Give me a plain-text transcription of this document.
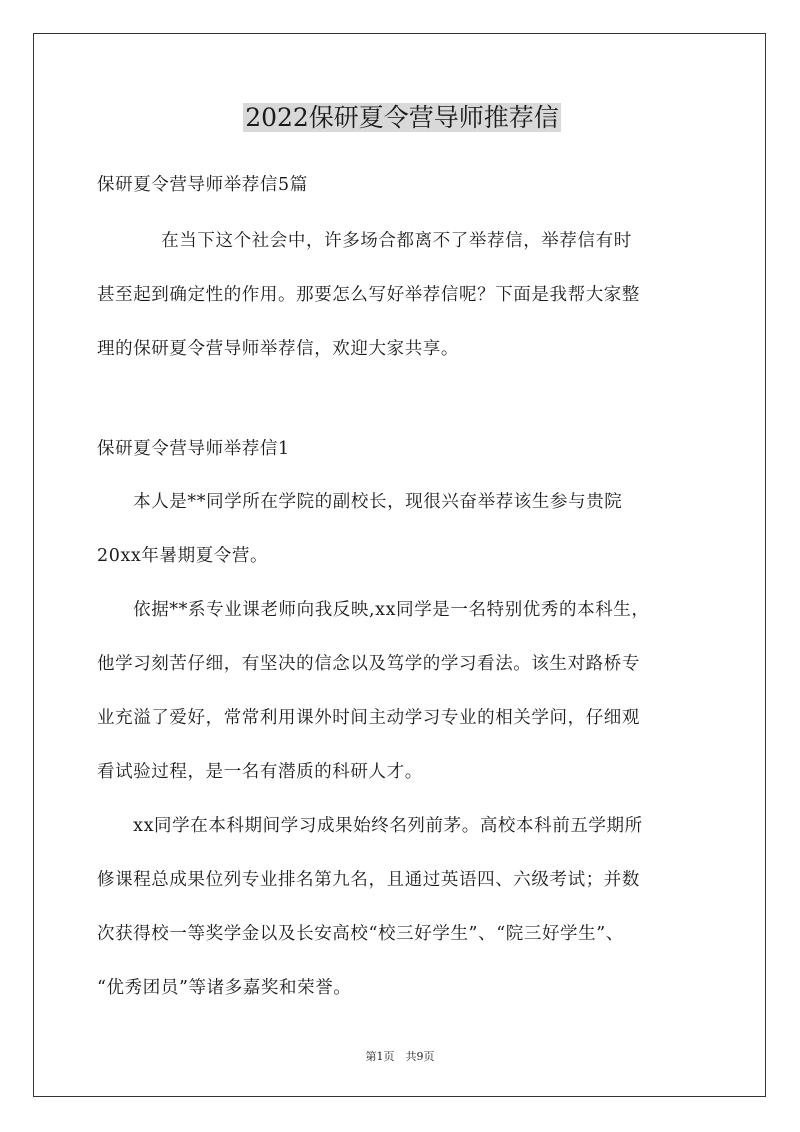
2022保研夏令营导师推荐信

保研夏令营导师举荐信5篇

　　在当下这个社会中，许多场合都离不了举荐信，举荐信有时

甚至起到确定性的作用。那要怎么写好举荐信呢？下面是我帮大家整

理的保研夏令营导师举荐信，欢迎大家共享。

保研夏令营导师举荐信1

　本人是**同学所在学院的副校长，现很兴奋举荐该生参与贵院

20xx年暑期夏令营。

　依据**系专业课老师向我反映,xx同学是一名特别优秀的本科生，

他学习刻苦仔细，有坚决的信念以及笃学的学习看法。该生对路桥专

业充溢了爱好，常常利用课外时间主动学习专业的相关学问，仔细观

看试验过程，是一名有潜质的科研人才。

　xx同学在本科期间学习成果始终名列前茅。高校本科前五学期所

修课程总成果位列专业排名第九名，且通过英语四、六级考试；并数

次获得校一等奖学金以及长安高校“校三好学生”、“院三好学生”、

“优秀团员”等诸多嘉奖和荣誉。

第1页　共9页
